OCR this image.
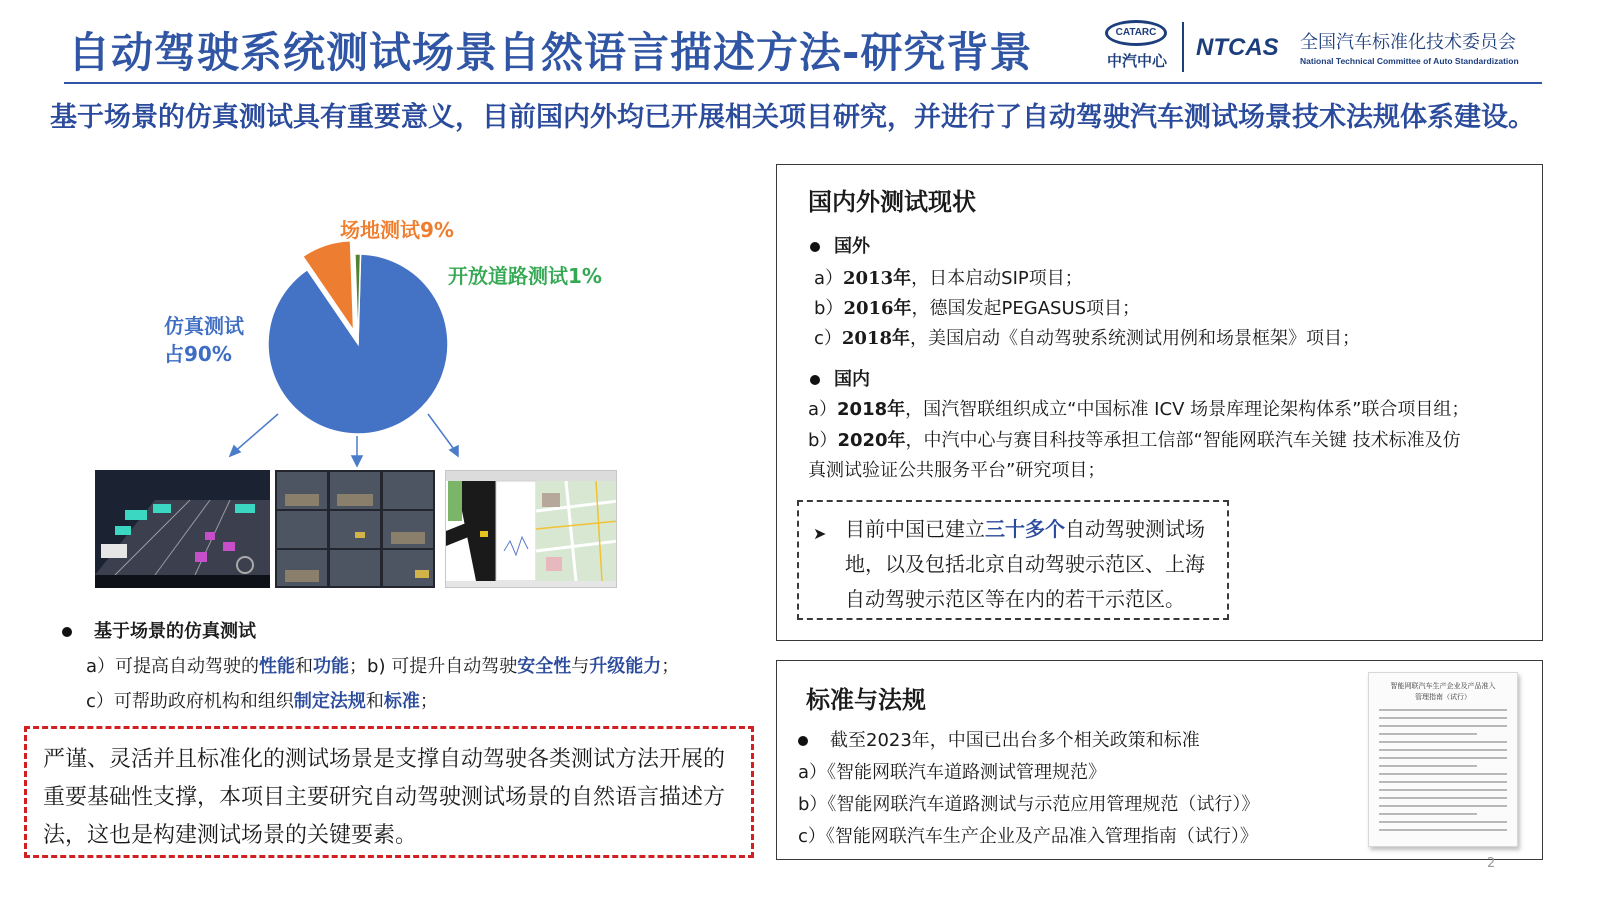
自动驾驶系统测试场景自然语言描述方法-研究背景	CATARC
中汽中心 NTCAS 全国汽车标准化技术委员会
National Technical Committee of Auto Standardization
基于场景的仿真测试具有重要意义，目前国内外均已开展相关项目研究，并进行了自动驾驶汽车测试场景技术法规体系建设。
场地测试9%
开放道路测试1%
仿真测试
占90%
基于场景的仿真测试
a）可提高自动驾驶的性能和功能；b) 可提升自动驾驶安全性与升级能力；
c）可帮助政府机构和组织制定法规和标准；
严谨、灵活并且标准化的测试场景是支撑自动驾驶各类测试方法开展的重要基础性支撑，本项目主要研究自动驾驶测试场景的自然语言描述方法，这也是构建测试场景的关键要素。
国内外测试现状
国外
a）2013年，日本启动SIP项目；
b）2016年，德国发起PEGASUS项目；
c）2018年，美国启动《自动驾驶系统测试用例和场景框架》项目；
国内
a）2018年，国汽智联组织成立“中国标准 ICV 场景库理论架构体系”联合项目组；
b）2020年，中汽中心与赛目科技等承担工信部“智能网联汽车关键 技术标准及仿
真测试验证公共服务平台”研究项目；
➤ 目前中国已建立三十多个自动驾驶测试场
地，以及包括北京自动驾驶示范区、上海
自动驾驶示范区等在内的若干示范区。
标准与法规
截至2023年，中国已出台多个相关政策和标准
a）《智能网联汽车道路测试管理规范》
b）《智能网联汽车道路测试与示范应用管理规范（试行）》
c）《智能网联汽车生产企业及产品准入管理指南（试行）》
智能网联汽车生产企业及产品准入
管理指南（试行）
2
